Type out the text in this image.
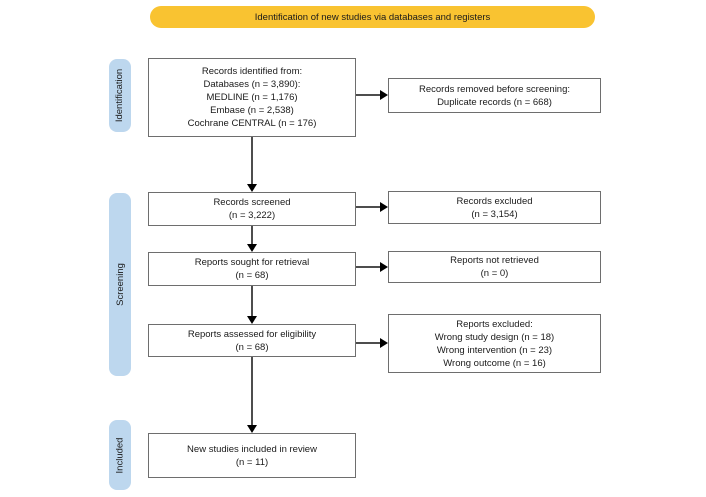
Identification of new studies via databases and registers
Identification
Screening
Included
Records identified from:
Databases (n = 3,890):
MEDLINE (n = 1,176)
Embase (n = 2,538)
Cochrane CENTRAL (n = 176)
Records screened
(n = 3,222)
Reports sought for retrieval
(n = 68)
Reports assessed for eligibility
(n = 68)
New studies included in review
(n = 11)
Records removed before screening:
Duplicate records (n = 668)
Records excluded
(n = 3,154)
Reports not retrieved
(n = 0)
Reports excluded:
Wrong study design (n = 18)
Wrong intervention (n = 23)
Wrong outcome (n = 16)
